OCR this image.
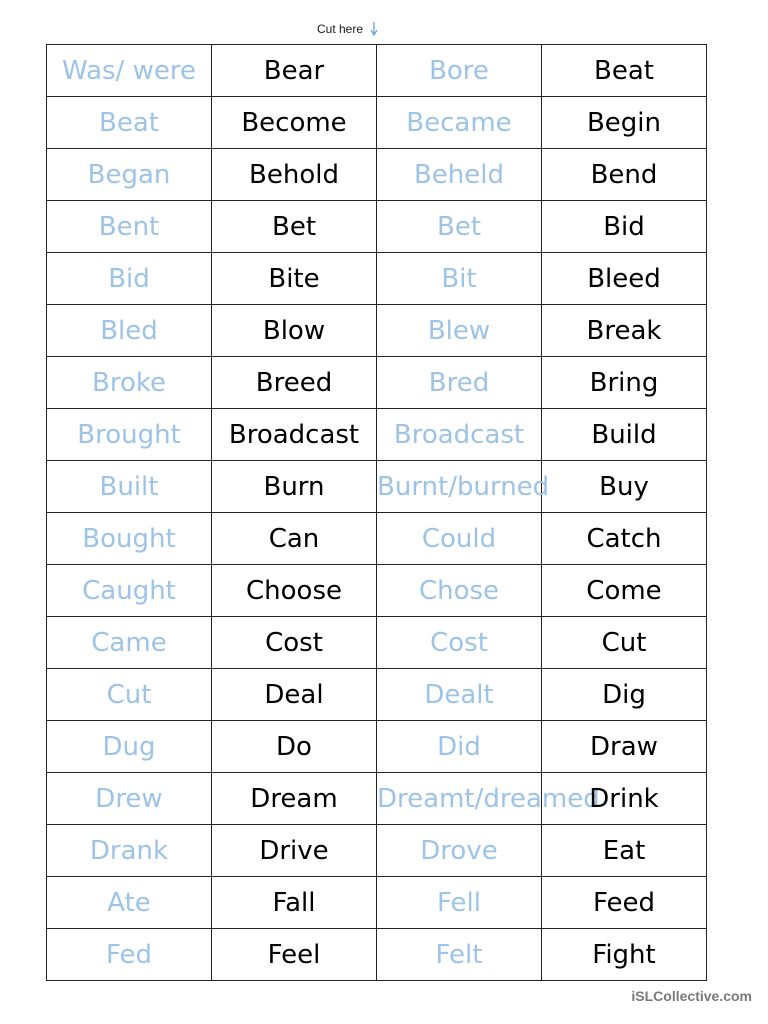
Cut here
Was/ were	Bear	Bore	Beat
Beat	Become	Became	Begin
Began	Behold	Beheld	Bend
Bent	Bet	Bet	Bid
Bid	Bite	Bit	Bleed
Bled	Blow	Blew	Break
Broke	Breed	Bred	Bring
Brought	Broadcast	Broadcast	Build
Built	Burn	Burnt/burned	Buy
Bought	Can	Could	Catch
Caught	Choose	Chose	Come
Came	Cost	Cost	Cut
Cut	Deal	Dealt	Dig
Dug	Do	Did	Draw
Drew	Dream	Dreamt/dreamed	Drink
Drank	Drive	Drove	Eat
Ate	Fall	Fell	Feed
Fed	Feel	Felt	Fight
iSLCollective.com
